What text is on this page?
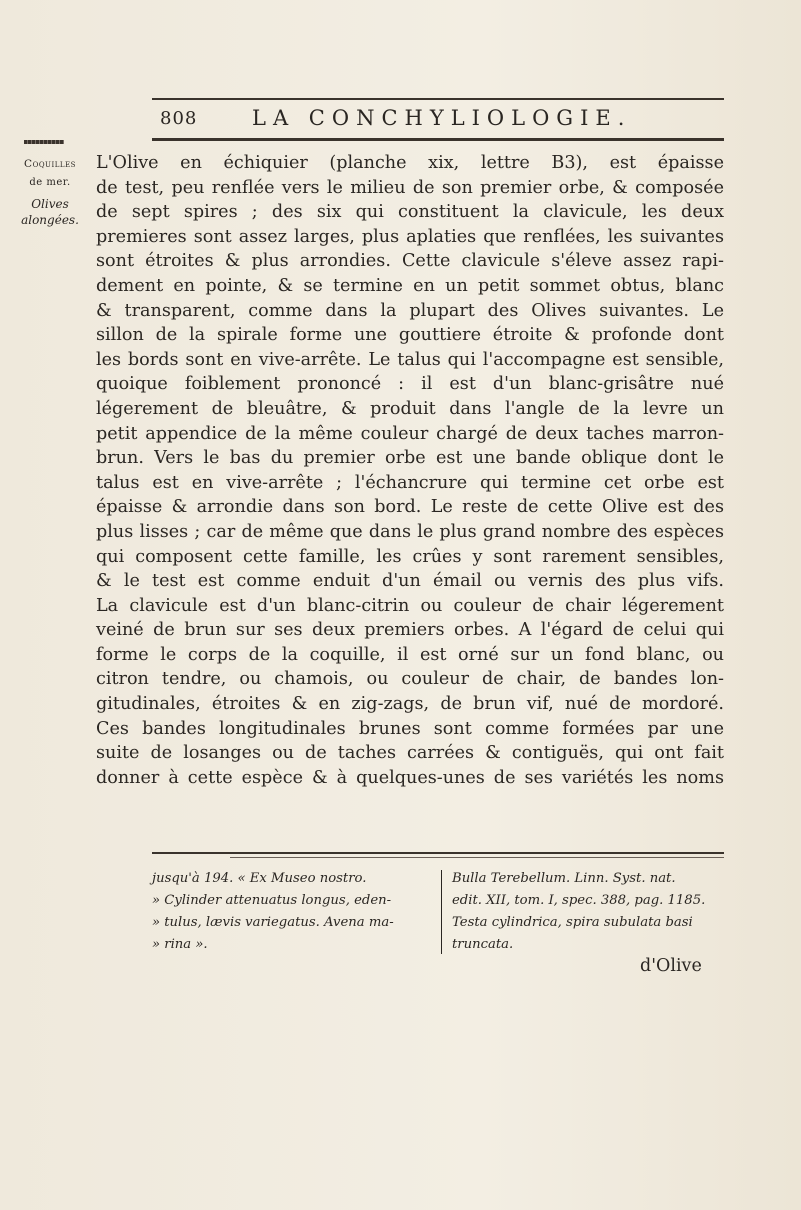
808	LA CONCHYLIOLOGIE.
Coquilles
de mer.
Olives
alongées.
L'Olive en échiquier (planche xix, lettre B3), est épaisse
de test, peu renflée vers le milieu de son premier orbe, & composée
de sept spires ; des six qui constituent la clavicule, les deux
premieres sont assez larges, plus aplaties que renflées, les suivantes
sont étroites & plus arrondies. Cette clavicule s'éleve assez rapi-
dement en pointe, & se termine en un petit sommet obtus, blanc
& transparent, comme dans la plupart des Olives suivantes. Le
sillon de la spirale forme une gouttiere étroite & profonde dont
les bords sont en vive-arrête. Le talus qui l'accompagne est sensible,
quoique foiblement prononcé : il est d'un blanc-grisâtre nué
légerement de bleuâtre, & produit dans l'angle de la levre un
petit appendice de la même couleur chargé de deux taches marron-
brun. Vers le bas du premier orbe est une bande oblique dont le
talus est en vive-arrête ; l'échancrure qui termine cet orbe est
épaisse & arrondie dans son bord. Le reste de cette Olive est des
plus lisses ; car de même que dans le plus grand nombre des espèces
qui composent cette famille, les crûes y sont rarement sensibles,
& le test est comme enduit d'un émail ou vernis des plus vifs.
La clavicule est d'un blanc-citrin ou couleur de chair légerement
veiné de brun sur ses deux premiers orbes. A l'égard de celui qui
forme le corps de la coquille, il est orné sur un fond blanc, ou
citron tendre, ou chamois, ou couleur de chair, de bandes lon-
gitudinales, étroites & en zig-zags, de brun vif, nué de mordoré.
Ces bandes longitudinales brunes sont comme formées par une
suite de losanges ou de taches carrées & contiguës, qui ont fait
donner à cette espèce & à quelques-unes de ses variétés les noms
jusqu'à 194. « Ex Museo nostro.
» Cylinder attenuatus longus, eden-
» tulus, lævis variegatus. Avena ma-
» rina ».
Bulla Terebellum. Linn. Syst. nat.
edit. XII, tom. I, spec. 388, pag. 1185.
Testa cylindrica, spira subulata basi
truncata.
d'Olive
